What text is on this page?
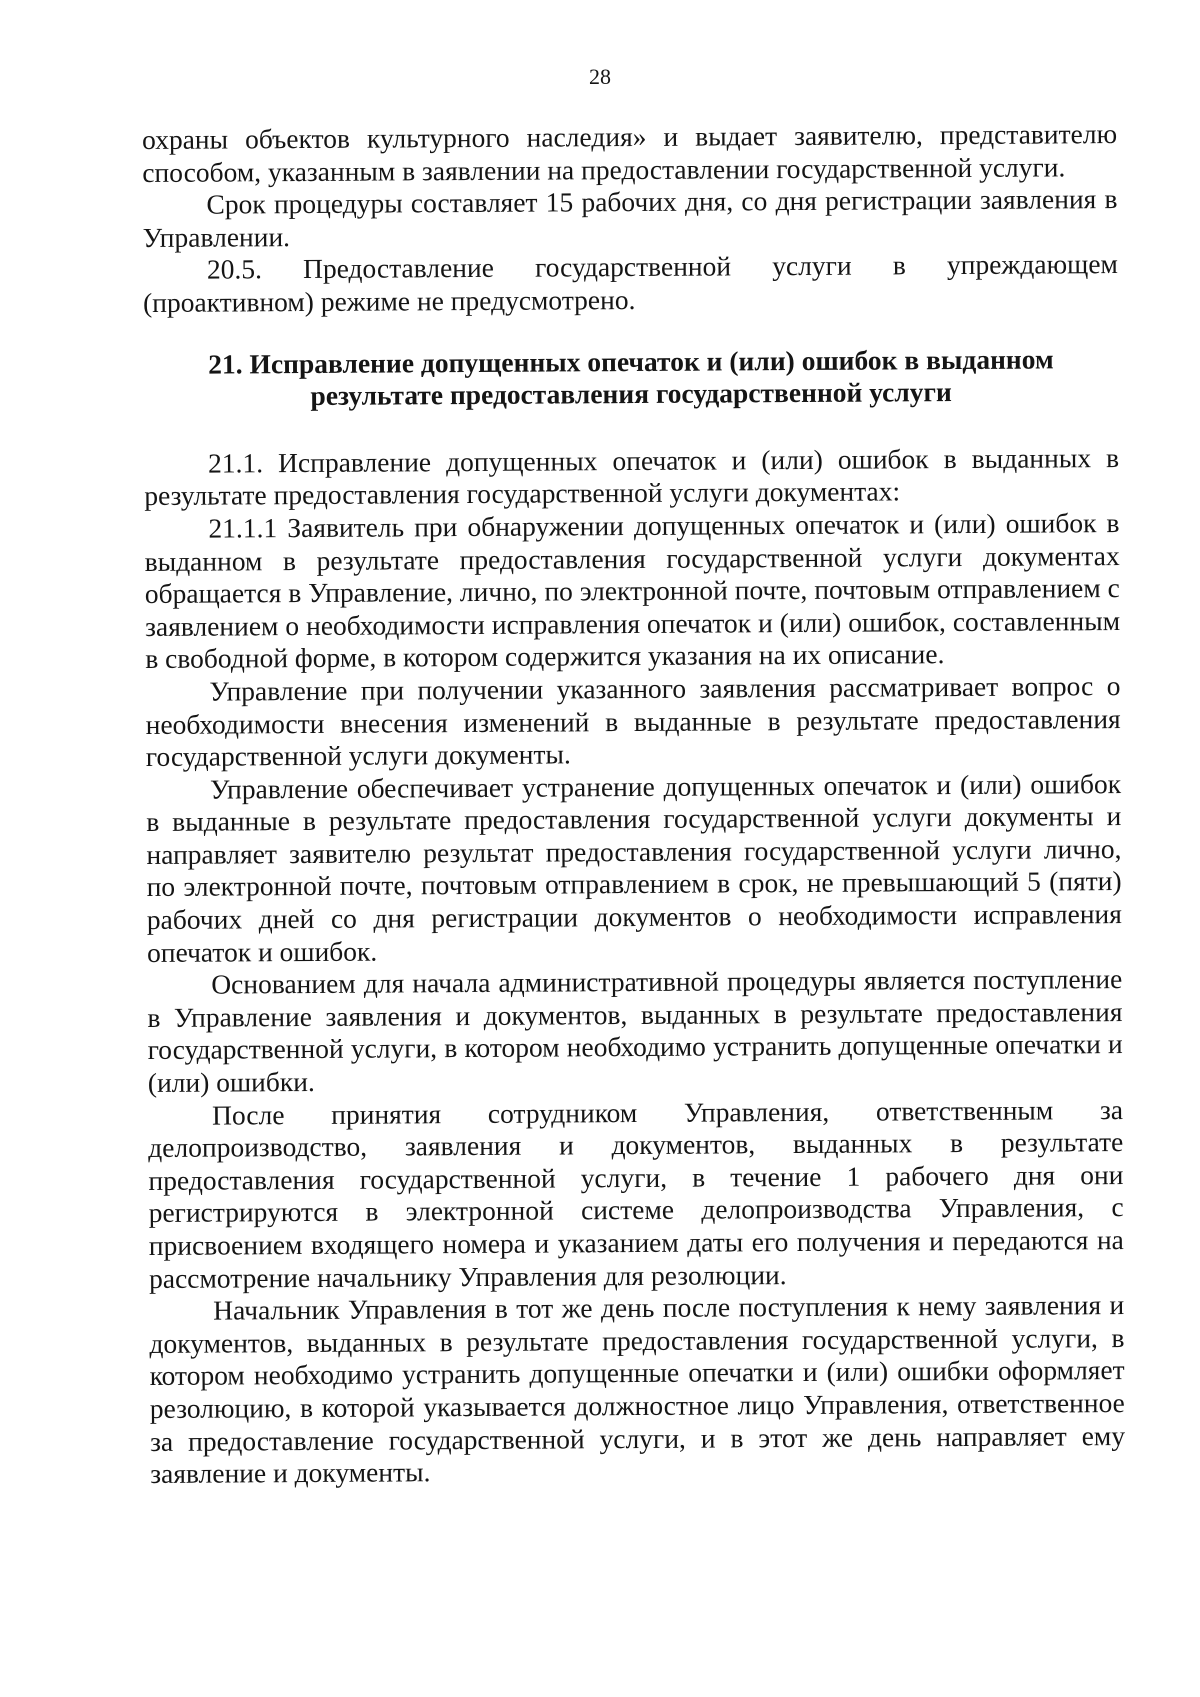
28

охраны объектов культурного наследия» и выдает заявителю, представителю способом, указанным в заявлении на предоставлении государственной услуги.

Срок процедуры составляет 15 рабочих дня, со дня регистрации заявления в Управлении.

20.5. Предоставление государственной услуги в упреждающем (проактивном) режиме не предусмотрено.

21. Исправление допущенных опечаток и (или) ошибок в выданном результате предоставления государственной услуги

21.1. Исправление допущенных опечаток и (или) ошибок в выданных в результате предоставления государственной услуги документах:

21.1.1 Заявитель при обнаружении допущенных опечаток и (или) ошибок в выданном в результате предоставления государственной услуги документах обращается в Управление, лично, по электронной почте, почтовым отправлением с заявлением о необходимости исправления опечаток и (или) ошибок, составленным в свободной форме, в котором содержится указания на их описание.

Управление при получении указанного заявления рассматривает вопрос о необходимости внесения изменений в выданные в результате предоставления государственной услуги документы.

Управление обеспечивает устранение допущенных опечаток и (или) ошибок в выданные в результате предоставления государственной услуги документы и направляет заявителю результат предоставления государственной услуги лично, по электронной почте, почтовым отправлением в срок, не превышающий 5 (пяти) рабочих дней со дня регистрации документов о необходимости исправления опечаток и ошибок.

Основанием для начала административной процедуры является поступление в Управление заявления и документов, выданных в результате предоставления государственной услуги, в котором необходимо устранить допущенные опечатки и (или) ошибки.

После принятия сотрудником Управления, ответственным за делопроизводство, заявления и документов, выданных в результате предоставления государственной услуги, в течение 1 рабочего дня они регистрируются в электронной системе делопроизводства Управления, с присвоением входящего номера и указанием даты его получения и передаются на рассмотрение начальнику Управления для резолюции.

Начальник Управления в тот же день после поступления к нему заявления и документов, выданных в результате предоставления государственной услуги, в котором необходимо устранить допущенные опечатки и (или) ошибки оформляет резолюцию, в которой указывается должностное лицо Управления, ответственное за предоставление государственной услуги, и в этот же день направляет ему заявление и документы.
